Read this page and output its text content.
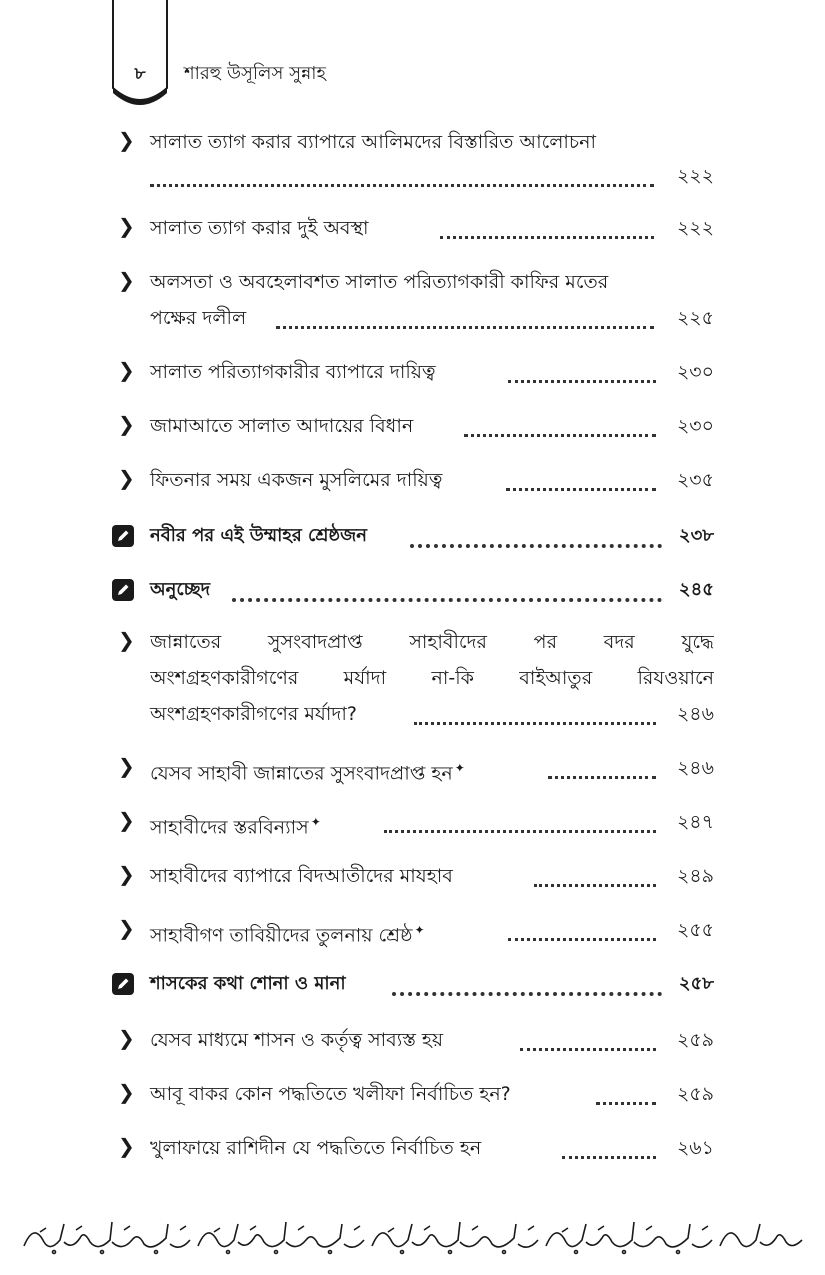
৮	শারহু উসূলিস সুন্নাহ
❯ সালাত ত্যাগ করার ব্যাপারে আলিমদের বিস্তারিত আলোচনা
২২২
❯ সালাত ত্যাগ করার দুই অবস্থা	২২২
❯ অলসতা ও অবহেলাবশত সালাত পরিত্যাগকারী কাফির মতের
পক্ষের দলীল	২২৫
❯ সালাত পরিত্যাগকারীর ব্যাপারে দায়িত্ব	২৩০
❯ জামাআতে সালাত আদায়ের বিধান	২৩০
❯ ফিতনার সময় একজন মুসলিমের দায়িত্ব	২৩৫
নবীর পর এই উম্মাহর শ্রেষ্ঠজন	২৩৮
অনুচ্ছেদ	২৪৫
❯ জান্নাতের সুসংবাদপ্রাপ্ত সাহাবীদের পর বদর যুদ্ধে
অংশগ্রহণকারীগণের মর্যাদা না-কি বাইআতুর রিযওয়ানে
অংশগ্রহণকারীগণের মর্যাদা?	২৪৬
❯ যেসব সাহাবী জান্নাতের সুসংবাদপ্রাপ্ত হন ✦	২৪৬
❯ সাহাবীদের স্তরবিন্যাস ✦	২৪৭
❯ সাহাবীদের ব্যাপারে বিদআতীদের মাযহাব	২৪৯
❯ সাহাবীগণ তাবিয়ীদের তুলনায় শ্রেষ্ঠ ✦	২৫৫
শাসকের কথা শোনা ও মানা	২৫৮
❯ যেসব মাধ্যমে শাসন ও কর্তৃত্ব সাব্যস্ত হয়	২৫৯
❯ আবূ বাকর কোন পদ্ধতিতে খলীফা নির্বাচিত হন?	২৫৯
❯ খুলাফায়ে রাশিদীন যে পদ্ধতিতে নির্বাচিত হন	২৬১
